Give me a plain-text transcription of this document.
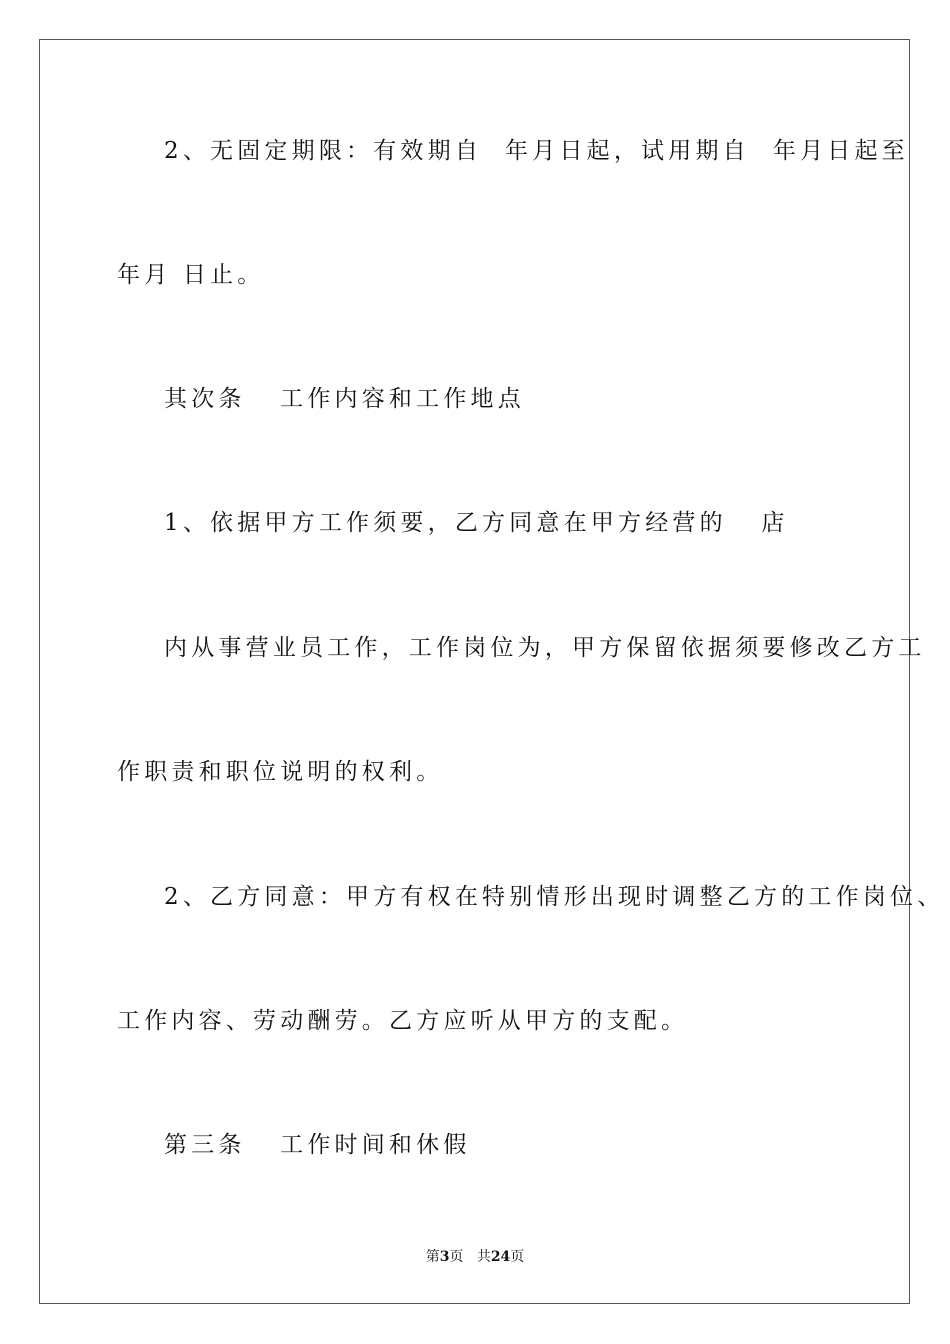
2、无固定期限：有效期自  年月日起，试用期自  年月日起至
年月 日止。
其次条   工作内容和工作地点
1、依据甲方工作须要，乙方同意在甲方经营的   店
内从事营业员工作，工作岗位为，甲方保留依据须要修改乙方工
作职责和职位说明的权利。
2、乙方同意：甲方有权在特别情形出现时调整乙方的工作岗位、
工作内容、劳动酬劳。乙方应听从甲方的支配。
第三条   工作时间和休假
第3页 共24页
